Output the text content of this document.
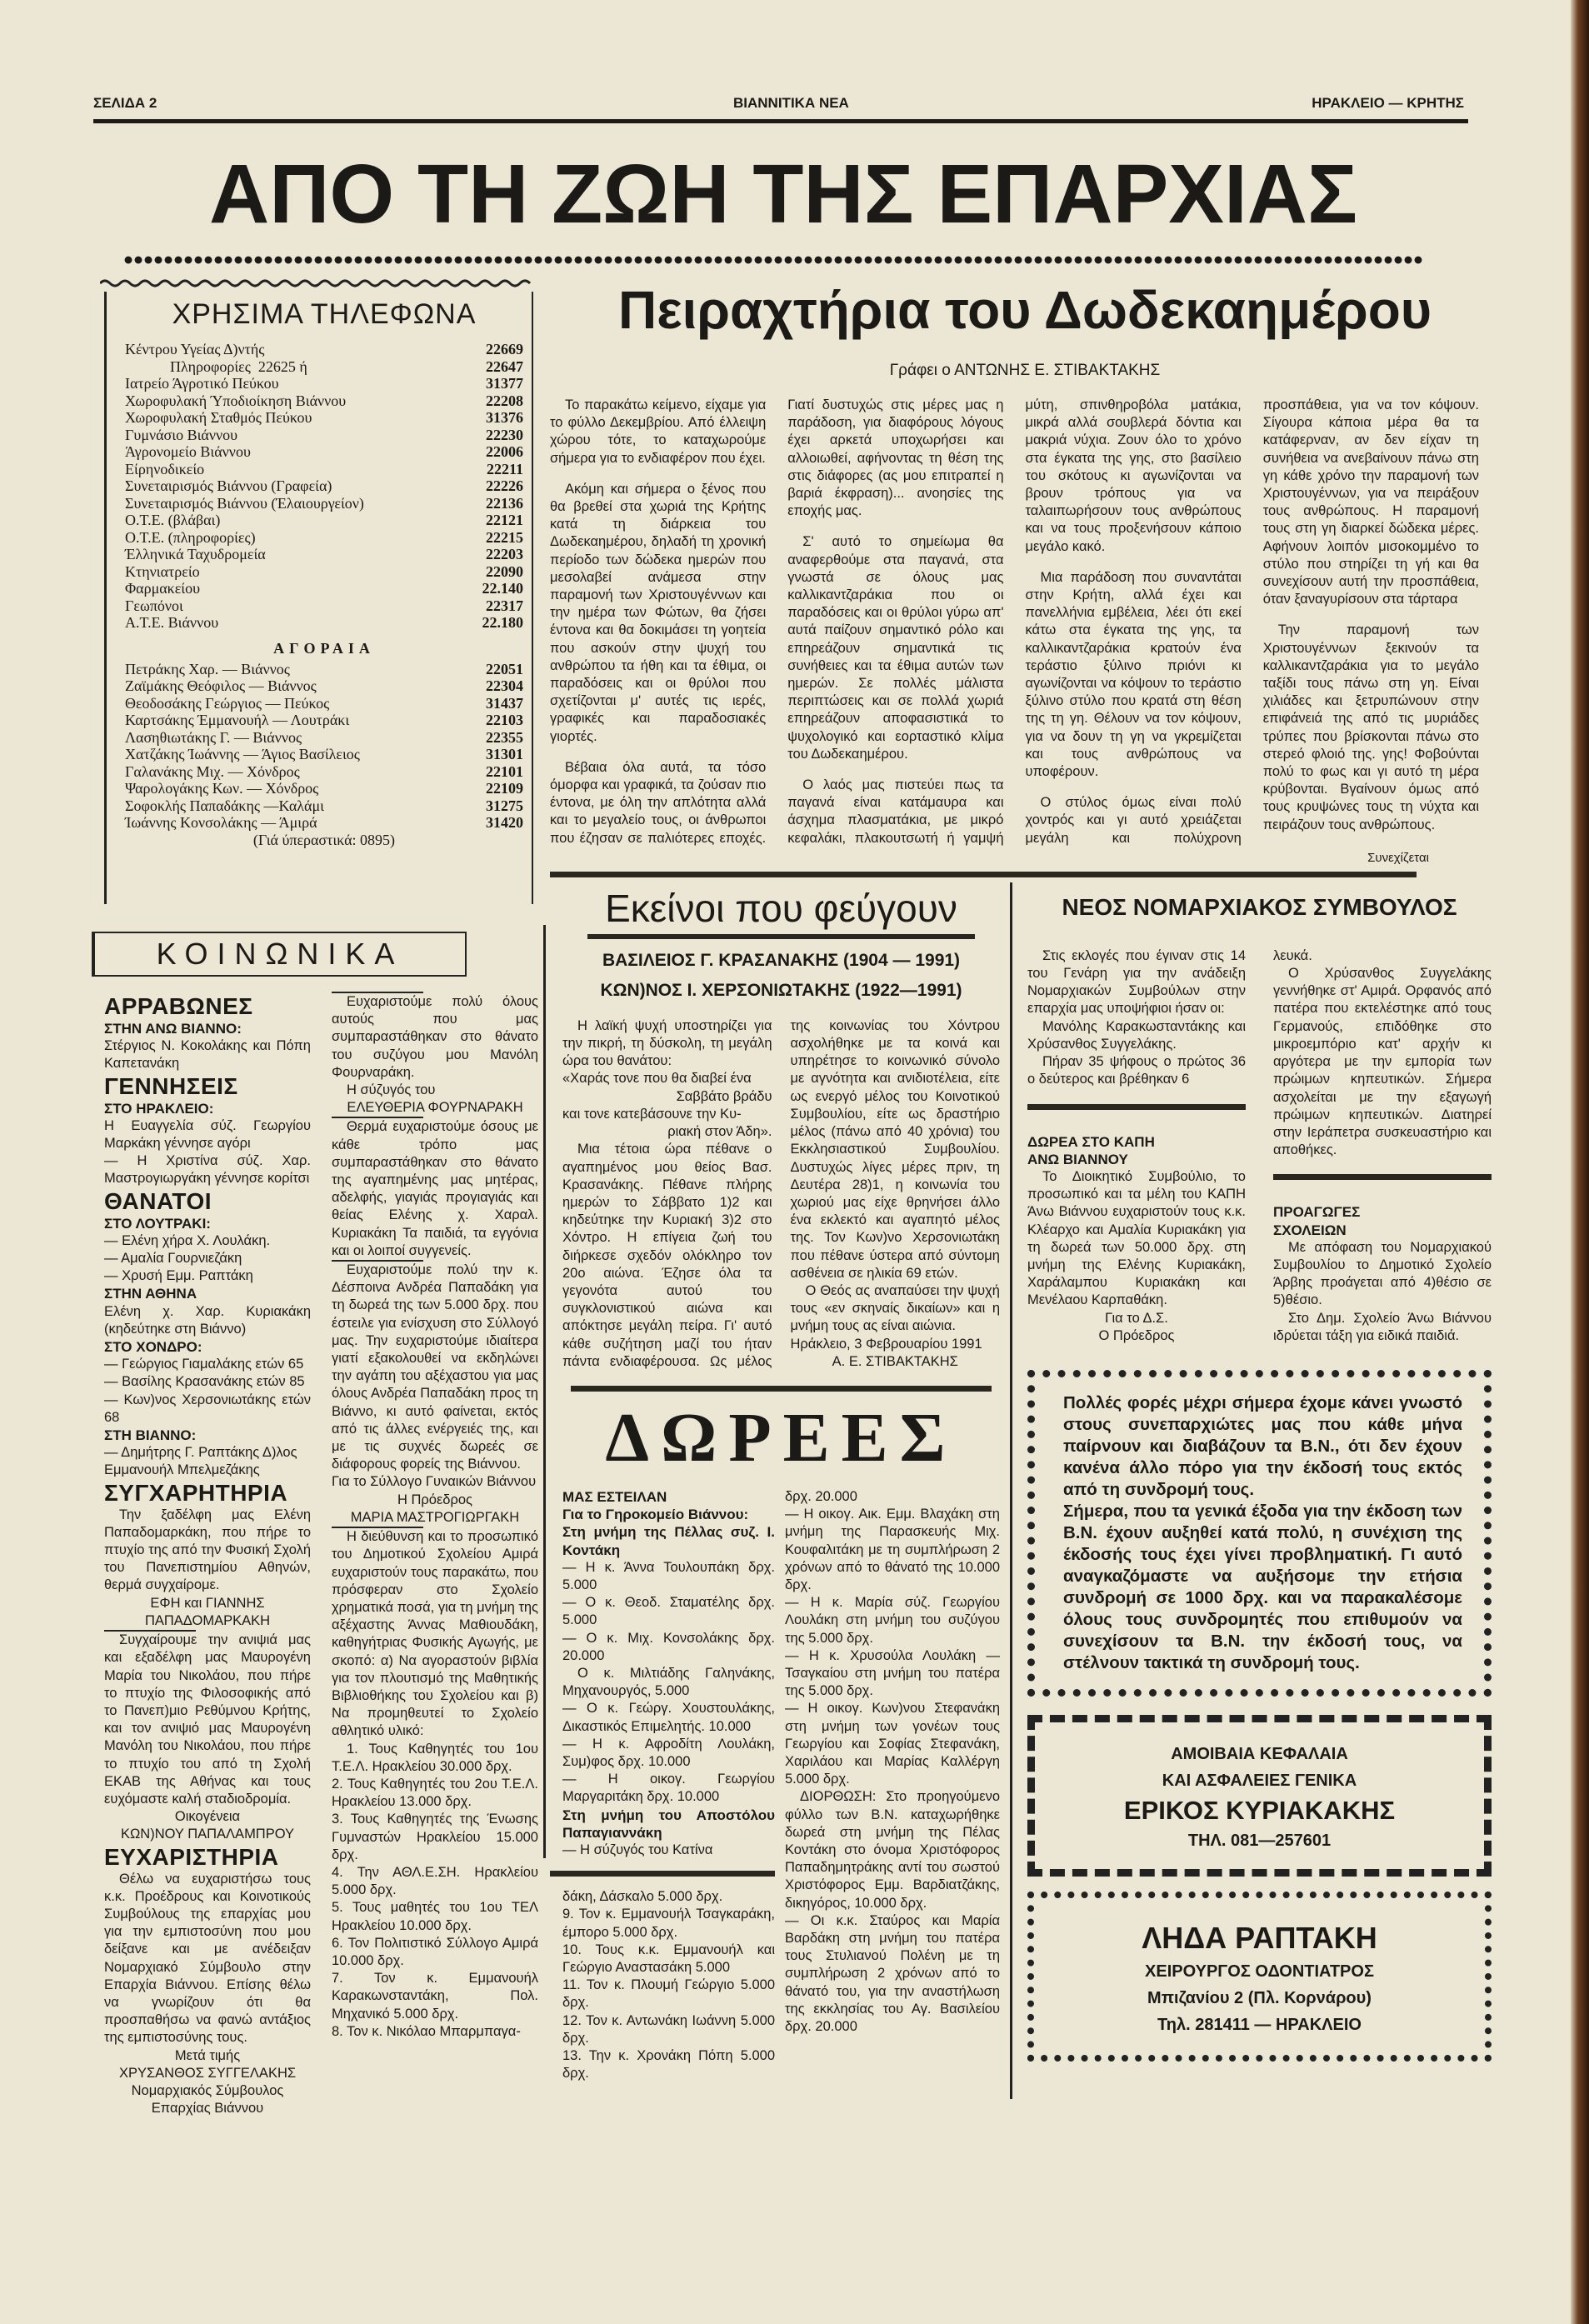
ΣΕΛΙΔΑ 2	ΒΙΑΝΝΙΤΙΚΑ ΝΕΑ	ΗΡΑΚΛΕΙΟ — ΚΡΗΤΗΣ
ΑΠΟ ΤΗ ΖΩΗ ΤΗΣ ΕΠΑΡΧΙΑΣ
ΧΡΗΣΙΜΑ ΤΗΛΕΦΩΝΑ
Κέντρου Υγείας Δ)ντής	22669
Πληροφορίες  22625 ή	22647
Ιατρείο Άγροτικό Πεύκου	31377
Χωροφυλακή Ύποδιοίκηση Βιάννου	22208
Χωροφυλακή Σταθμός Πεύκου	31376
Γυμνάσιο Βιάννου	22230
Άγρονομείο Βιάννου	22006
Είρηνοδικείο	22211
Συνεταιρισμός Βιάννου (Γραφεία)	22226
Συνεταιρισμός Βιάννου (Έλαιουργείον)	22136
Ο.Τ.Ε. (βλάβαι)	22121
Ο.Τ.Ε. (πληροφορίες)	22215
Έλληνικά Ταχυδρομεία	22203
Κτηνιατρείο	22090
Φαρμακείου	22.140
Γεωπόνοι	22317
Α.Τ.Ε. Βιάννου	22.180
ΑΓΟΡΑΙΑ
Πετράκης Χαρ. — Βιάννος	22051
Ζαϊμάκης Θεόφιλος — Βιάννος	22304
Θεοδοσάκης Γεώργιος — Πεύκος	31437
Καρτσάκης Έμμανουήλ — Λουτράκι	22103
Λασηθιωτάκης Γ. — Βιάννος	22355
Χατζάκης Ίωάννης — Άγιος Βασίλειος	31301
Γαλανάκης Μιχ. — Χόνδρος	22101
Ψαρολογάκης Κων. — Χόνδρος	22109
Σοφοκλής Παπαδάκης —Καλάμι	31275
Ίωάννης Κονσολάκης — Άμιρά	31420
(Γιά ύπεραστικά: 0895)
ΚΟΙΝΩΝΙΚΑ

ΑΡΡΑΒΩΝΕΣ

ΣΤΗΝ ΑΝΩ ΒΙΑΝΝΟ:

Στέργιος Ν. Κοκολάκης και Πόπη Καπετανάκη

ΓΕΝΝΗΣΕΙΣ

ΣΤΟ ΗΡΑΚΛΕΙΟ:

Η Ευαγγελία σύζ. Γεωργίου Μαρκάκη γέννησε αγόρι

— Η Χριστίνα σύζ. Χαρ. Μαστρογιωργάκη γέννησε κορίτσι

ΘΑΝΑΤΟΙ

ΣΤΟ ΛΟΥΤΡΑΚΙ:

— Ελένη χήρα Χ. Λουλάκη.

— Αμαλία Γουρνιεζάκη

— Χρυσή Εμμ. Ραπτάκη

ΣΤΗΝ ΑΘΗΝΑ

Ελένη χ. Χαρ. Κυριακάκη (κηδεύτηκε στη Βιάννο)

ΣΤΟ ΧΟΝΔΡΟ:

— Γεώργιος Γιαμαλάκης ετών 65

— Βασίλης Κρασανάκης ετών 85

— Κων)νος Χερσονιωτάκης ετών 68

ΣΤΗ ΒΙΑΝΝΟ:

— Δημήτρης Γ. Ραπτάκης Δ)λος

Εμμανουήλ Μπελμεζάκης

ΣΥΓΧΑΡΗΤΗΡΙΑ

Την ξαδέλφη μας Ελένη Παπαδομαρκάκη, που πήρε το πτυχίο της από την Φυσική Σχολή του Πανεπιστημίου Αθηνών, θερμά συγχαίρομε.

ΕΦΗ και ΓΙΑΝΝΗΣ

ΠΑΠΑΔΟΜΑΡΚΑΚΗ

Συγχαίρουμε την ανιψιά μας και εξαδέλφη μας Μαυρογένη Μαρία του Νικολάου, που πήρε το πτυχίο της Φιλοσοφικής από το Πανεπ)μιο Ρεθύμνου Κρήτης, και τον ανιψιό μας Μαυρογένη Μανόλη του Νικολάου, που πήρε το πτυχίο του από τη Σχολή ΕΚΑΒ της Αθήνας και τους ευχόμαστε καλή σταδιοδρομία.

Οικογένεια

ΚΩΝ)ΝΟΥ ΠΑΠΑΛΑΜΠΡΟΥ

ΕΥΧΑΡΙΣΤΗΡΙΑ

Θέλω να ευχαριστήσω τους κ.κ. Προέδρους και Κοινοτικούς Συμβούλους της επαρχίας μου για την εμπιστοσύνη που μου δείξανε και με ανέδειξαν Νομαρχιακό Σύμβουλο στην Επαρχία Βιάννου. Επίσης θέλω να γνωρίζουν ότι θα προσπαθήσω να φανώ αντάξιος της εμπιστοσύνης τους.

Μετά τιμής

ΧΡΥΣΑΝΘΟΣ ΣΥΓΓΕΛΑΚΗΣ

Νομαρχιακός Σύμβουλος

Επαρχίας Βιάννου

Ευχαριστούμε πολύ όλους αυτούς που μας συμπαραστάθηκαν στο θάνατο του συζύγου μου Μανόλη Φουρναράκη.

Η σύζυγός του

ΕΛΕΥΘΕΡΙΑ ΦΟΥΡΝΑΡΑΚΗ

Θερμά ευχαριστούμε όσους με κάθε τρόπο μας συμπαραστάθηκαν στο θάνατο της αγαπημένης μας μητέρας, αδελφής, γιαγιάς προγιαγιάς και θείας Ελένης χ. Χαραλ. Κυριακάκη Τα παιδιά, τα εγγόνια και οι λοιποί συγγενείς.

Ευχαριστούμε πολύ την κ. Δέσποινα Ανδρέα Παπαδάκη για τη δωρεά της των 5.000 δρχ. που έστειλε για ενίσχυση στο Σύλλογό μας. Την ευχαριστούμε ιδιαίτερα γιατί εξακολουθεί να εκδηλώνει την αγάπη του αξέχαστου για μας όλους Ανδρέα Παπαδάκη προς τη Βιάννο, κι αυτό φαίνεται, εκτός από τις άλλες ενέργειές της, και με τις συχνές δωρεές σε διάφορους φορείς της Βιάννου.

Για το Σύλλογο Γυναικών Βιάννου

Η Πρόεδρος

ΜΑΡΙΑ ΜΑΣΤΡΟΓΙΩΡΓΑΚΗ

Η διεύθυνση και το προσωπικό του Δημοτικού Σχολείου Αμιρά ευχαριστούν τους παρακάτω, που πρόσφεραν στο Σχολείο χρηματικά ποσά, για τη μνήμη της αξέχαστης Άννας Μαθιουδάκη, καθηγήτριας Φυσικής Αγωγής, με σκοπό: α) Να αγοραστούν βιβλία για τον πλουτισμό της Μαθητικής Βιβλιοθήκης του Σχολείου και β) Να προμηθευτεί το Σχολείο αθλητικό υλικό:

1. Τους Καθηγητές του 1ου Τ.Ε.Λ. Ηρακλείου 30.000 δρχ.

2. Τους Καθηγητές του 2ου Τ.Ε.Λ. Ηρακλείου 13.000 δρχ.

3. Τους Καθηγητές της Ένωσης Γυμναστών Ηρακλείου 15.000 δρχ.

4. Την ΑΘΛ.Ε.ΣΗ. Ηρακλείου 5.000 δρχ.

5. Τους μαθητές του 1ου ΤΕΛ Ηρακλείου 10.000 δρχ.

6. Τον Πολιτιστικό Σύλλογο Αμιρά 10.000 δρχ.

7. Τον κ. Εμμανουήλ Καρακωνσταντάκη, Πολ. Μηχανικό 5.000 δρχ.

8. Τον κ. Νικόλαο Μπαρμπαγα-

Πειραχτήρια του Δωδεκαημέρου
Γράφει ο ΑΝΤΩΝΗΣ Ε. ΣΤΙΒΑΚΤΑΚΗΣ

Το παρακάτω κείμενο, είχαμε για το φύλλο Δεκεμβρίου. Από έλλειψη χώρου τότε, το καταχωρούμε σήμερα για το ενδιαφέρον που έχει.

Ακόμη και σήμερα ο ξένος που θα βρεθεί στα χωριά της Κρήτης κατά τη διάρκεια του Δωδεκαημέρου, δηλαδή τη χρονική περίοδο των δώδεκα ημερών που μεσολαβεί ανάμεσα στην παραμονή των Χριστουγέννων και την ημέρα των Φώτων, θα ζήσει έντονα και θα δοκιμάσει τη γοητεία που ασκούν στην ψυχή του ανθρώπου τα ήθη και τα έθιμα, οι παραδόσεις και οι θρύλοι που σχετίζονται μ' αυτές τις ιερές, γραφικές και παραδοσιακές γιορτές.

Βέβαια όλα αυτά, τα τόσο όμορφα και γραφικά, τα ζούσαν πιο έντονα, με όλη την απλότητα αλλά και το μεγαλείο τους, οι άνθρωποι που έζησαν σε παλιότερες εποχές. Γιατί δυστυχώς στις μέρες μας η παράδοση, για διαφόρους λόγους έχει αρκετά υποχωρήσει και αλλοιωθεί, αφήνοντας τη θέση της στις διάφορες (ας μου επιτραπεί η βαριά έκφραση)... ανοησίες της εποχής μας.

Σ' αυτό το σημείωμα θα αναφερθούμε στα παγανά, στα γνωστά σε όλους μας καλλικαντζαράκια που οι παραδόσεις και οι θρύλοι γύρω απ' αυτά παίζουν σημαντικό ρόλο και επηρεάζουν σημαντικά τις συνήθειες και τα έθιμα αυτών των ημερών. Σε πολλές μάλιστα περιπτώσεις και σε πολλά χωριά επηρεάζουν αποφασιστικά το ψυχολογικό και εορταστικό κλίμα του Δωδεκαημέρου.

Ο λαός μας πιστεύει πως τα παγανά είναι κατάμαυρα και άσχημα πλασματάκια, με μικρό κεφαλάκι, πλακουτσωτή ή γαμψή μύτη, σπινθηροβόλα ματάκια, μικρά αλλά σουβλερά δόντια και μακριά νύχια. Ζουν όλο το χρόνο στα έγκατα της γης, στο βασίλειο του σκότους κι αγωνίζονται να βρουν τρόπους για να ταλαιπωρήσουν τους ανθρώπους και να τους προξενήσουν κάποιο μεγάλο κακό.

Μια παράδοση που συναντάται στην Κρήτη, αλλά έχει και πανελλήνια εμβέλεια, λέει ότι εκεί κάτω στα έγκατα της γης, τα καλλικαντζαράκια κρατούν ένα τεράστιο ξύλινο πριόνι κι αγωνίζονται να κόψουν το τεράστιο ξύλινο στύλο που κρατά στη θέση της τη γη. Θέλουν να τον κόψουν, για να δουν τη γη να γκρεμίζεται και τους ανθρώπους να υποφέρουν.

Ο στύλος όμως είναι πολύ χοντρός και γι αυτό χρειάζεται μεγάλη και πολύχρονη προσπάθεια, για να τον κόψουν. Σίγουρα κάποια μέρα θα τα κατάφερναν, αν δεν είχαν τη συνήθεια να ανεβαίνουν πάνω στη γη κάθε χρόνο την παραμονή των Χριστουγέννων, για να πειράξουν τους ανθρώπους. Η παραμονή τους στη γη διαρκεί δώδεκα μέρες. Αφήνουν λοιπόν μισοκομμένο το στύλο που στηρίζει τη γή και θα συνεχίσουν αυτή την προσπάθεια, όταν ξαναγυρίσουν στα τάρταρα

Την παραμονή των Χριστουγέννων ξεκινούν τα καλλικαντζαράκια για το μεγάλο ταξίδι τους πάνω στη γη. Είναι χιλιάδες και ξετρυπώνουν στην επιφάνειά της από τις μυριάδες τρύπες που βρίσκονται πάνω στο στερεό φλοιό της. γης! Φοβούνται πολύ το φως και γι αυτό τη μέρα κρύβονται. Βγαίνουν όμως από τους κρυψώνες τους τη νύχτα και πειράζουν τους ανθρώπους.

Συνεχίζεται
Εκείνοι που φεύγουν
ΒΑΣΙΛΕΙΟΣ Γ. ΚΡΑΣΑΝΑΚΗΣ (1904 — 1991)
ΚΩΝ)ΝΟΣ Ι. ΧΕΡΣΟΝΙΩΤΑΚΗΣ (1922—1991)

Η λαϊκή ψυχή υποστηρίζει για την πικρή, τη δύσκολη, τη μεγάλη ώρα του θανάτου:

«Χαράς τονε που θα διαβεί ένα

Σαββάτο βράδυ

και τονε κατεβάσουνε την Κυ-

ριακή στον Άδη».

Μια τέτοια ώρα πέθανε ο αγαπημένος μου θείος Βασ. Κρασανάκης. Πέθανε πλήρης ημερών το Σάββατο 1)2 και κηδεύτηκε την Κυριακή 3)2 στο Χόντρο. Η επίγεια ζωή του διήρκεσε σχεδόν ολόκληρο τον 20ο αιώνα. Έζησε όλα τα γεγονότα αυτού του συγκλονιστικού αιώνα και απόκτησε μεγάλη πείρα. Γι' αυτό κάθε συζήτηση μαζί του ήταν πάντα ενδιαφέρουσα. Ως μέλος της κοινωνίας του Χόντρου ασχολήθηκε με τα κοινά και υπηρέτησε το κοινωνικό σύνολο με αγνότητα και ανιδιοτέλεια, είτε ως ενεργό μέλος του Κοινοτικού Συμβουλίου, είτε ως δραστήριο μέλος (πάνω από 40 χρόνια) του Εκκλησιαστικού Συμβουλίου. Δυστυχώς λίγες μέρες πριν, τη Δευτέρα 28)1, η κοινωνία του χωριού μας είχε θρηνήσει άλλο ένα εκλεκτό και αγαπητό μέλος της. Τον Κων)νο Χερσονιωτάκη που πέθανε ύστερα από σύντομη ασθένεια σε ηλικία 69 ετών.

Ο Θεός ας αναπαύσει την ψυχή τους «εν σκηναίς δικαίων» και η μνήμη τους ας είναι αιώνια.

Ηράκλειο, 3 Φεβρουαρίου 1991

Α. Ε. ΣΤΙΒΑΚΤΑΚΗΣ

ΔΩΡΕΕΣ

ΜΑΣ ΕΣΤΕΙΛΑΝ

Για το Γηροκομείο Βιάννου:

Στη μνήμη της Πέλλας συζ. Ι. Κοντάκη

— Η κ. Άννα Τουλουπάκη δρχ. 5.000

— Ο κ. Θεοδ. Σταματέλης δρχ. 5.000

— Ο κ. Μιχ. Κονσολάκης δρχ. 20.000

Ο κ. Μιλτιάδης Γαληνάκης, Μηχανουργός, 5.000

— Ο κ. Γεώργ. Χουστουλάκης, Δικαστικός Επιμελητής. 10.000

— Η κ. Αφροδίτη Λουλάκη, Συμ)φος δρχ. 10.000

— Η οικογ. Γεωργίου Μαργαριτάκη δρχ. 10.000

Στη μνήμη του Αποστόλου Παπαγιαννάκη

— Η σύζυγός του Κατίνα

δάκη, Δάσκαλο 5.000 δρχ.

9. Τον κ. Εμμανουήλ Τσαγκαράκη, έμπορο 5.000 δρχ.

10. Τους κ.κ. Εμμανουήλ και Γεώργιο Αναστασάκη 5.000

11. Τον κ. Πλουμή Γεώργιο 5.000 δρχ.

12. Τον κ. Αντωνάκη Ιωάννη 5.000 δρχ.

13. Την κ. Χρονάκη Πόπη 5.000 δρχ.

δρχ. 20.000

— Η οικογ. Αικ. Εμμ. Βλαχάκη στη μνήμη της Παρασκευής Μιχ. Κουφαλιτάκη με τη συμπλήρωση 2 χρόνων από το θάνατό της 10.000 δρχ.

— Η κ. Μαρία σύζ. Γεωργίου Λουλάκη στη μνήμη του συζύγου της 5.000 δρχ.

— Η κ. Χρυσούλα Λουλάκη — Τσαγκαίου στη μνήμη του πατέρα της 5.000 δρχ.

— Η οικογ. Κων)νου Στεφανάκη στη μνήμη των γονέων τους Γεωργίου και Σοφίας Στεφανάκη, Χαριλάου και Μαρίας Καλλέργη 5.000 δρχ.

ΔΙΟΡΘΩΣΗ: Στο προηγούμενο φύλλο των Β.Ν. καταχωρήθηκε δωρεά στη μνήμη της Πέλας Κοντάκη στο όνομα Χριστόφορος Παπαδημητράκης αντί του σωστού Χριστόφορος Εμμ. Βαρδιατζάκης, δικηγόρος, 10.000 δρχ.

— Οι κ.κ. Σταύρος και Μαρία Βαρδάκη στη μνήμη του πατέρα τους Στυλιανού Πολένη με τη συμπλήρωση 2 χρόνων από το θάνατό του, για την αναστήλωση της εκκλησίας του Αγ. Βασιλείου δρχ. 20.000

ΝΕΟΣ ΝΟΜΑΡΧΙΑΚΟΣ ΣΥΜΒΟΥΛΟΣ

Στις εκλογές που έγιναν στις 14 του Γενάρη για την ανάδειξη Νομαρχιακών Συμβούλων στην επαρχία μας υποψήφιοι ήσαν οι:

Μανόλης Καρακωσταντάκης και Χρύσανθος Συγγελάκης.

Πήραν 35 ψήφους ο πρώτος 36 ο δεύτερος και βρέθηκαν 6

ΔΩΡΕΑ ΣΤΟ ΚΑΠΗ

ΑΝΩ ΒΙΑΝΝΟΥ

Το Διοικητικό Συμβούλιο, το προσωπικό και τα μέλη του ΚΑΠΗ Άνω Βιάννου ευχαριστούν τους κ.κ. Κλέαρχο και Αμαλία Κυριακάκη για τη δωρεά των 50.000 δρχ. στη μνήμη της Ελένης Κυριακάκη, Χαράλαμπου Κυριακάκη και Μενέλαου Καρπαθάκη.

Για το Δ.Σ.

Ο Πρόεδρος

λευκά.

Ο Χρύσανθος Συγγελάκης γεννήθηκε στ' Αμιρά. Ορφανός από πατέρα που εκτελέστηκε από τους Γερμανούς, επιδόθηκε στο μικροεμπόριο κατ' αρχήν κι αργότερα με την εμπορία των πρώιμων κηπευτικών. Σήμερα ασχολείται με την εξαγωγή πρώιμων κηπευτικών. Διατηρεί στην Ιεράπετρα συσκευαστήριο και αποθήκες.

ΠΡΟΑΓΩΓΕΣ

ΣΧΟΛΕΙΩΝ

Με απόφαση του Νομαρχιακού Συμβουλίου το Δημοτικό Σχολείο Άρβης προάγεται από 4)θέσιο σε 5)θέσιο.

Στο Δημ. Σχολείο Άνω Βιάννου ιδρύεται τάξη για ειδικά παιδιά.

Πολλές φορές μέχρι σήμερα έχομε κάνει γνωστό στους συνεπαρχιώτες μας που κάθε μήνα παίρνουν και διαβάζουν τα Β.Ν., ότι δεν έχουν κανένα άλλο πόρο για την έκδοσή τους εκτός από τη συνδρομή τους.

Σήμερα, που τα γενικά έξοδα για την έκδοση των Β.Ν. έχουν αυξηθεί κατά πολύ, η συνέχιση της έκδοσής τους έχει γίνει προβληματική. Γι αυτό αναγκαζόμαστε να αυξήσομε την ετήσια συνδρομή σε 1000 δρχ. και να παρακαλέσομε όλους τους συνδρομητές που επιθυμούν να συνεχίσουν τα Β.Ν. την έκδοσή τους, να στέλνουν τακτικά τη συνδρομή τους.

ΑΜΟΙΒΑΙΑ ΚΕΦΑΛΑΙΑ
ΚΑΙ ΑΣΦΑΛΕΙΕΣ ΓΕΝΙΚΑ
ΕΡΙΚΟΣ ΚΥΡΙΑΚΑΚΗΣ
ΤΗΛ. 081—257601
ΛΗΔΑ ΡΑΠΤΑΚΗ
ΧΕΙΡΟΥΡΓΟΣ ΟΔΟΝΤΙΑΤΡΟΣ
Μπιζανίου 2 (Πλ. Κορνάρου)
Τηλ. 281411 — ΗΡΑΚΛΕΙΟ
